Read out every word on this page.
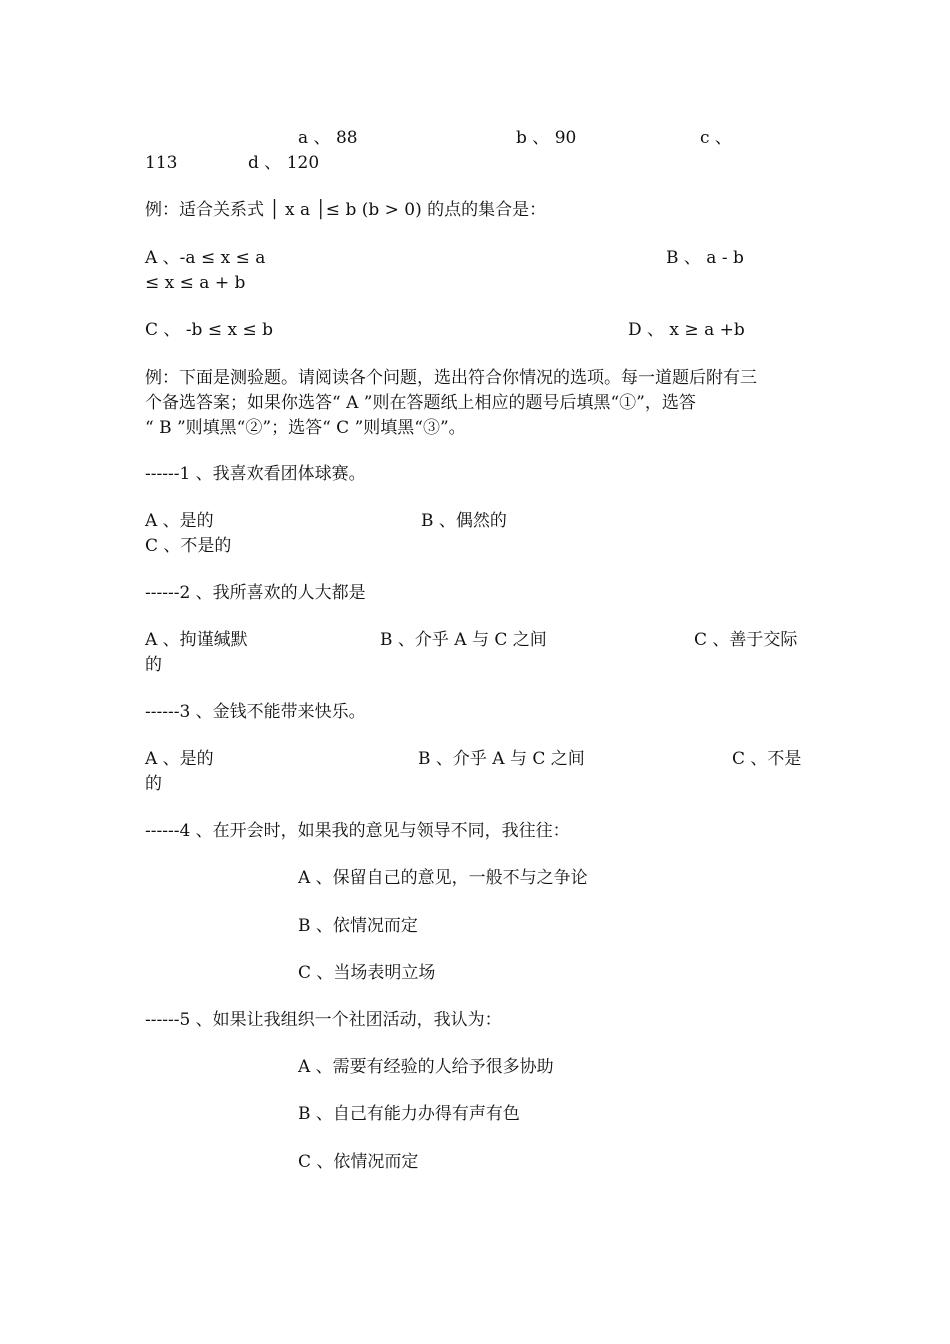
a 、 88	b 、 90	c 、
113	d 、 120
例：适合关系式 │ x a │≤ b (b > 0) 的点的集合是：
A 、-a ≤ x ≤ a	B 、 a - b
≤ x ≤ a + b
C 、 -b ≤ x ≤ b	D 、 x ≥ a +b
例：下面是测验题。请阅读各个问题，选出符合你情况的选项。每一道题后附有三
个备选答案；如果你选答“ A ”则在答题纸上相应的题号后填黑“①”，选答
“ B ”则填黑“②”；选答“ C ”则填黑“③”。
------1 、我喜欢看团体球赛。
A 、是的	B 、偶然的
C 、不是的
------2 、我所喜欢的人大都是
A 、拘谨缄默	B 、介乎 A 与 C 之间	C 、善于交际
的
------3 、金钱不能带来快乐。
A 、是的	B 、介乎 A 与 C 之间	C 、不是
的
------4 、在开会时，如果我的意见与领导不同，我往往：
A 、保留自己的意见，一般不与之争论
B 、依情况而定
C 、当场表明立场
------5 、如果让我组织一个社团活动，我认为：
A 、需要有经验的人给予很多协助
B 、自己有能力办得有声有色
C 、依情况而定
